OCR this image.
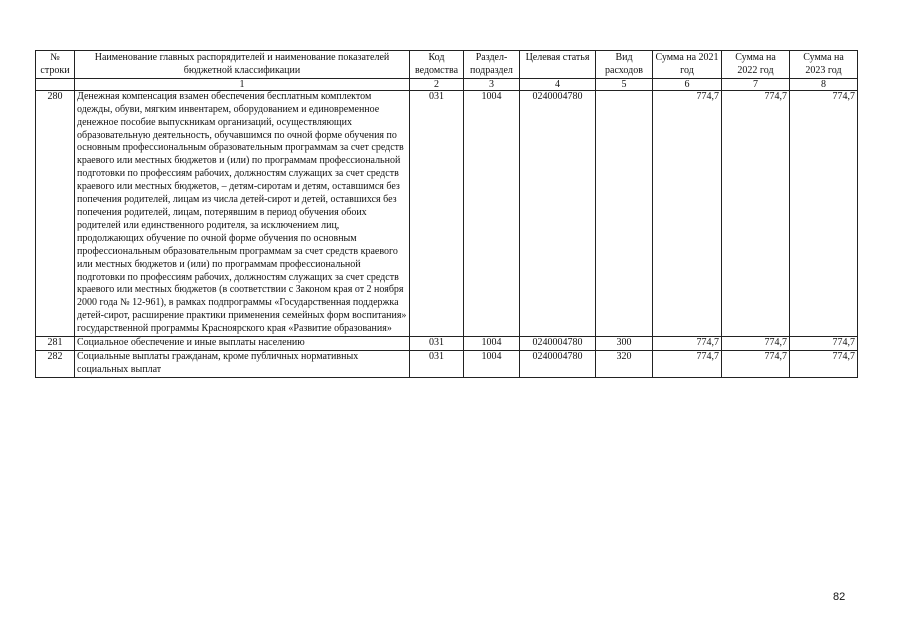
№ строки	Наименование главных распорядителей и наименование показателей бюджетной классификации	Код ведомства	Раздел-подраздел	Целевая статья	Вид расходов	Сумма на 2021 год	Сумма на 2022 год	Сумма на 2023 год
	1	2	3	4	5	6	7	8
280	Денежная компенсация взамен обеспечения бесплатным комплектом одежды, обуви, мягким инвентарем, оборудованием и единовременное денежное пособие выпускникам организаций, осуществляющих образовательную деятельность, обучавшимся по очной форме обучения по основным профессиональным образовательным программам за счет средств краевого или местных бюджетов и (или) по программам профессиональной подготовки по профессиям рабочих, должностям служащих за счет средств краевого или местных бюджетов, – детям-сиротам и детям, оставшимся без попечения родителей, лицам из числа детей-сирот и детей, оставшихся без попечения родителей, лицам, потерявшим в период обучения обоих родителей или единственного родителя, за исключением лиц, продолжающих обучение по очной форме обучения по основным профессиональным образовательным программам за счет средств краевого или местных бюджетов и (или) по программам профессиональной подготовки по профессиям рабочих, должностям служащих за счет средств краевого или местных бюджетов (в соответствии с Законом края от 2 ноября 2000 года № 12-961), в рамках подпрограммы «Государственная поддержка детей-сирот, расширение практики применения семейных форм воспитания» государственной программы Красноярского края «Развитие образования»	031	1004	0240004780		774,7	774,7	774,7
281	Социальное обеспечение и иные выплаты населению	031	1004	0240004780	300	774,7	774,7	774,7
282	Социальные выплаты гражданам, кроме публичных нормативных социальных выплат	031	1004	0240004780	320	774,7	774,7	774,7
82
